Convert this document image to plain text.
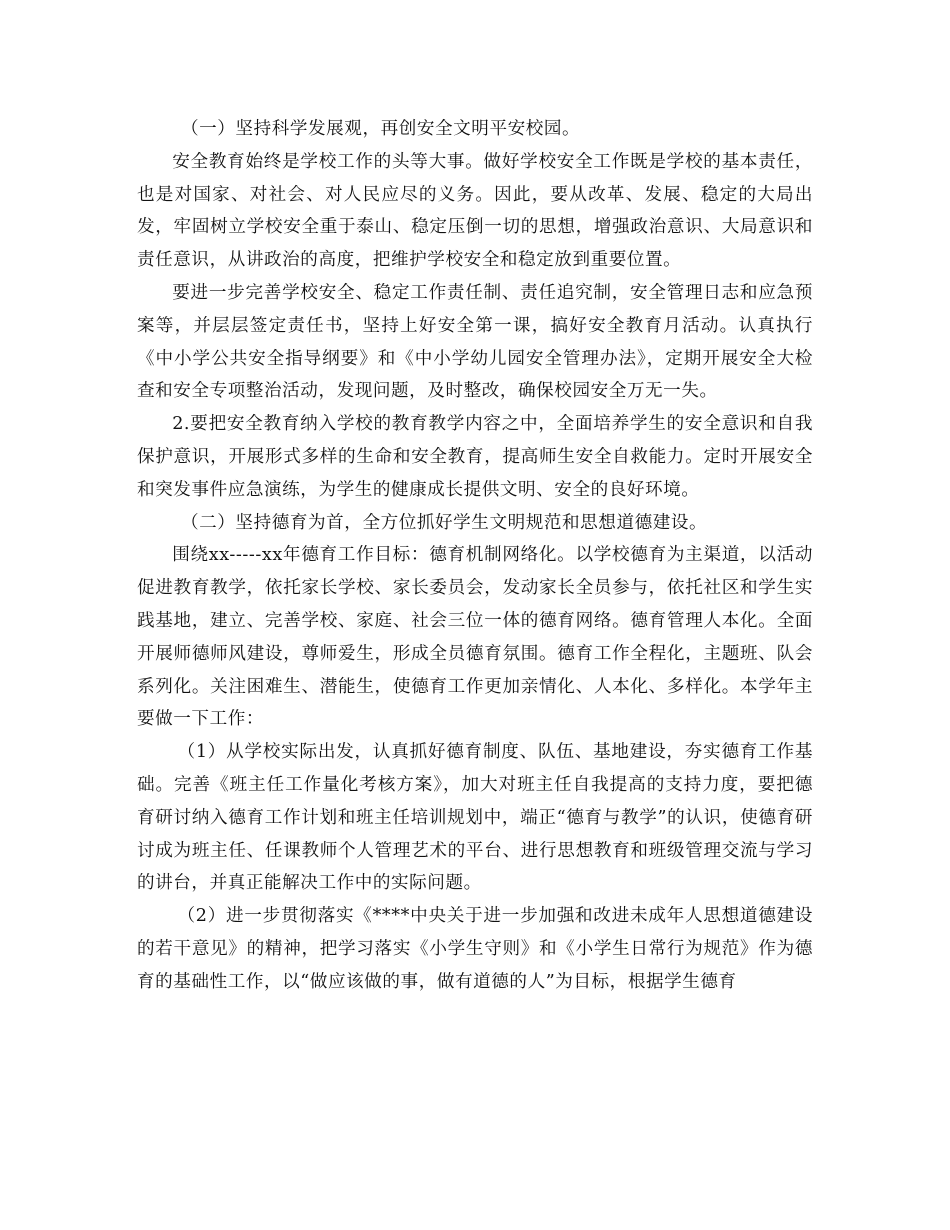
（一）坚持科学发展观，再创安全文明平安校园。

安全教育始终是学校工作的头等大事。做好学校安全工作既是学校的基本责任，也是对国家、对社会、对人民应尽的义务。因此，要从改革、发展、稳定的大局出发，牢固树立学校安全重于泰山、稳定压倒一切的思想，增强政治意识、大局意识和责任意识，从讲政治的高度，把维护学校安全和稳定放到重要位置。

要进一步完善学校安全、稳定工作责任制、责任追究制，安全管理日志和应急预案等，并层层签定责任书，坚持上好安全第一课，搞好安全教育月活动。认真执行《中小学公共安全指导纲要》和《中小学幼儿园安全管理办法》，定期开展安全大检查和安全专项整治活动，发现问题，及时整改，确保校园安全万无一失。

2.要把安全教育纳入学校的教育教学内容之中，全面培养学生的安全意识和自我保护意识，开展形式多样的生命和安全教育，提高师生安全自救能力。定时开展安全和突发事件应急演练，为学生的健康成长提供文明、安全的良好环境。

（二）坚持德育为首，全方位抓好学生文明规范和思想道德建设。

围绕xx-----xx年德育工作目标：德育机制网络化。以学校德育为主渠道，以活动促进教育教学，依托家长学校、家长委员会，发动家长全员参与，依托社区和学生实践基地，建立、完善学校、家庭、社会三位一体的德育网络。德育管理人本化。全面开展师德师风建设，尊师爱生，形成全员德育氛围。德育工作全程化，主题班、队会系列化。关注困难生、潜能生，使德育工作更加亲情化、人本化、多样化。本学年主要做一下工作：

（1）从学校实际出发，认真抓好德育制度、队伍、基地建设，夯实德育工作基础。完善《班主任工作量化考核方案》，加大对班主任自我提高的支持力度，要把德育研讨纳入德育工作计划和班主任培训规划中，端正“德育与教学”的认识，使德育研讨成为班主任、任课教师个人管理艺术的平台、进行思想教育和班级管理交流与学习的讲台，并真正能解决工作中的实际问题。

（2）进一步贯彻落实《****中央关于进一步加强和改进未成年人思想道德建设的若干意见》的精神，把学习落实《小学生守则》和《小学生日常行为规范》作为德育的基础性工作，以“做应该做的事，做有道德的人”为目标，根据学生德育
